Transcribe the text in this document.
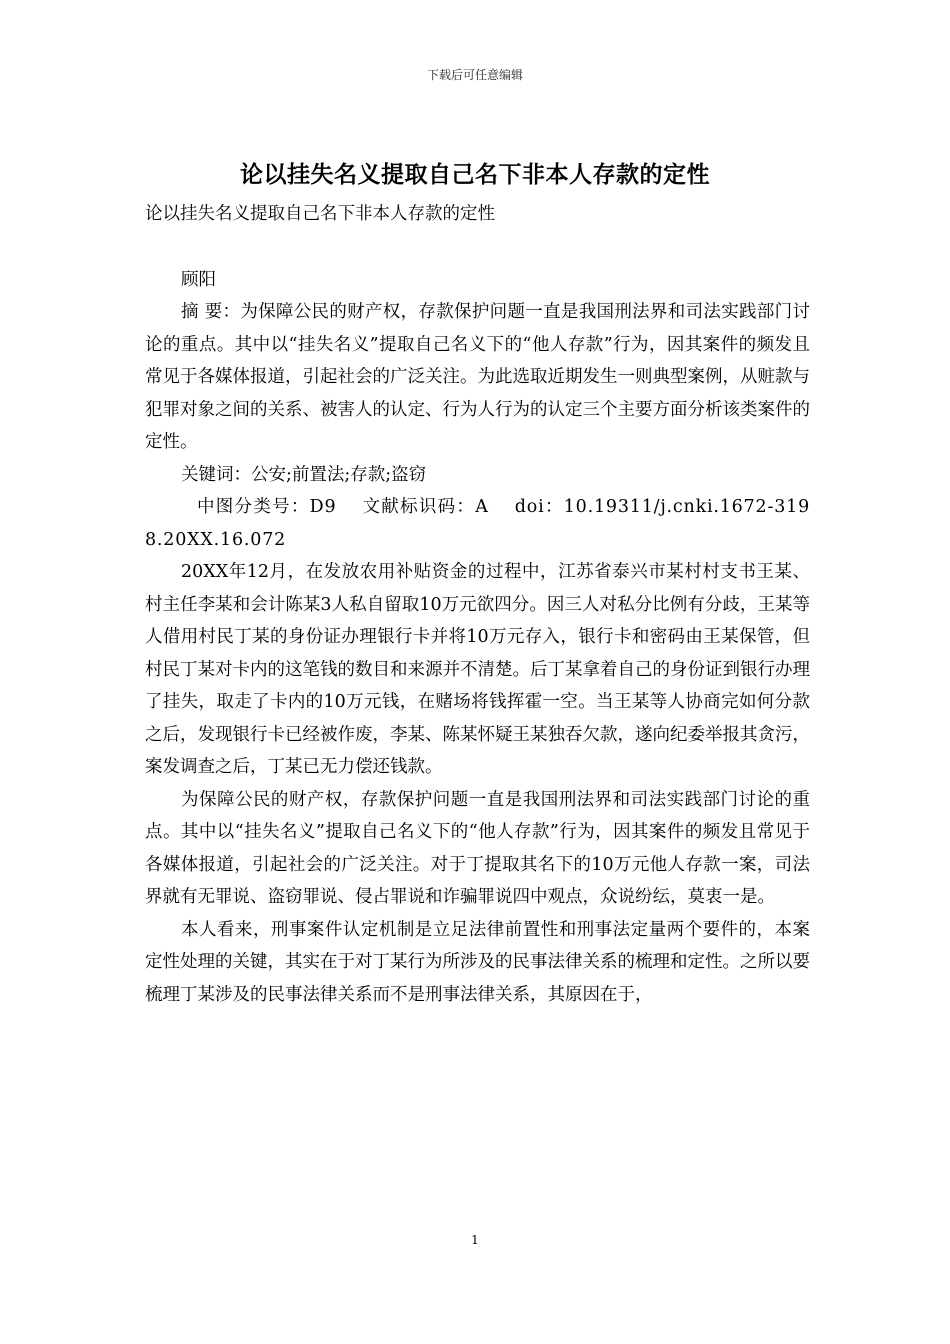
下载后可任意编辑
论以挂失名义提取自己名下非本人存款的定性

论以挂失名义提取自己名下非本人存款的定性

顾阳

摘 要：为保障公民的财产权，存款保护问题一直是我国刑法界和司法实践部门讨论的重点。其中以“挂失名义”提取自己名义下的“他人存款”行为，因其案件的频发且常见于各媒体报道，引起社会的广泛关注。为此选取近期发生一则典型案例，从赃款与犯罪对象之间的关系、被害人的认定、行为人行为的认定三个主要方面分析该类案件的定性。

关键词：公安;前置法;存款;盗窃

中图分类号：D9　 文献标识码：A　 doi：10.19311/j.cnki.1672-3198.20XX.16.072

20XX年12月，在发放农用补贴资金的过程中，江苏省泰兴市某村村支书王某、村主任李某和会计陈某3人私自留取10万元欲四分。因三人对私分比例有分歧，王某等人借用村民丁某的身份证办理银行卡并将10万元存入，银行卡和密码由王某保管，但村民丁某对卡内的这笔钱的数目和来源并不清楚。后丁某拿着自己的身份证到银行办理了挂失，取走了卡内的10万元钱，在赌场将钱挥霍一空。当王某等人协商完如何分款之后，发现银行卡已经被作废，李某、陈某怀疑王某独吞欠款，遂向纪委举报其贪污，案发调查之后，丁某已无力偿还钱款。

为保障公民的财产权，存款保护问题一直是我国刑法界和司法实践部门讨论的重点。其中以“挂失名义”提取自己名义下的“他人存款”行为，因其案件的频发且常见于各媒体报道，引起社会的广泛关注。对于丁提取其名下的10万元他人存款一案，司法界就有无罪说、盗窃罪说、侵占罪说和诈骗罪说四中观点，众说纷纭，莫衷一是。

本人看来，刑事案件认定机制是立足法律前置性和刑事法定量两个要件的，本案定性处理的关键，其实在于对丁某行为所涉及的民事法律关系的梳理和定性。之所以要梳理丁某涉及的民事法律关系而不是刑事法律关系，其原因在于，

1
